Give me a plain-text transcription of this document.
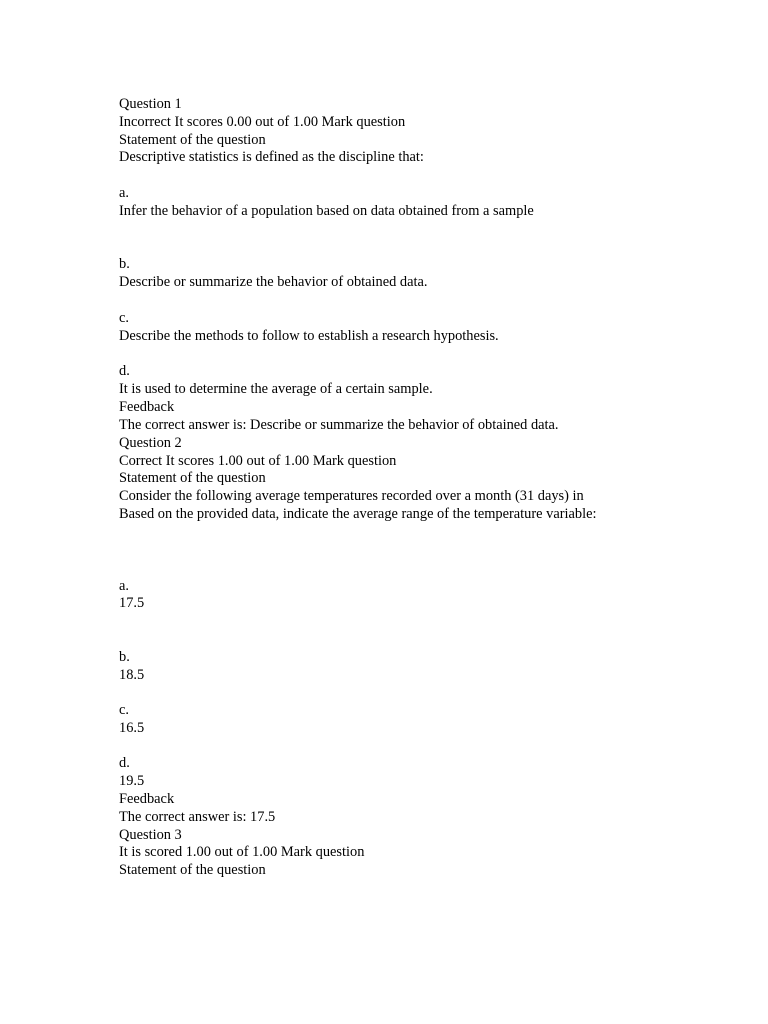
Question 1
Incorrect It scores 0.00 out of 1.00 Mark question
Statement of the question
Descriptive statistics is defined as the discipline that:
a.
Infer the behavior of a population based on data obtained from a sample
b.
Describe or summarize the behavior of obtained data.
c.
Describe the methods to follow to establish a research hypothesis.
d.
It is used to determine the average of a certain sample.
Feedback
The correct answer is: Describe or summarize the behavior of obtained data.
Question 2
Correct It scores 1.00 out of 1.00 Mark question
Statement of the question
Consider the following average temperatures recorded over a month (31 days) in
Based on the provided data, indicate the average range of the temperature variable:
a.
17.5
b.
18.5
c.
16.5
d.
19.5
Feedback
The correct answer is: 17.5
Question 3
It is scored 1.00 out of 1.00 Mark question
Statement of the question
